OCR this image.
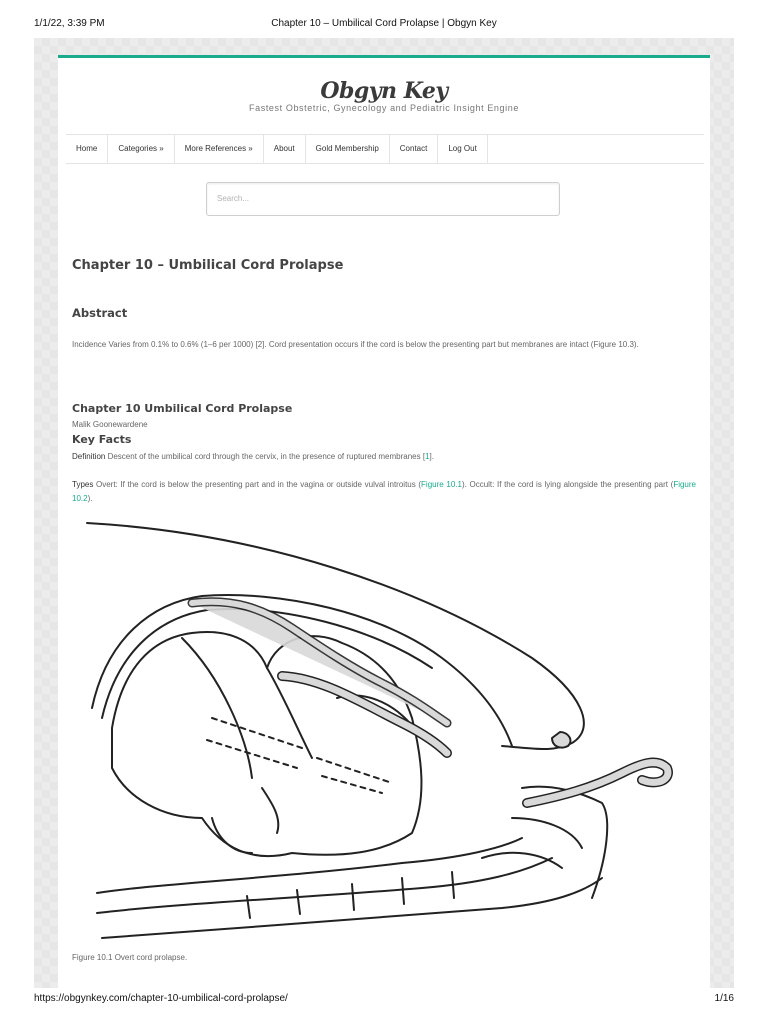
1/1/22, 3:39 PM	Chapter 10 – Umbilical Cord Prolapse | Obgyn Key
Obgyn Key
Fastest Obstetric, Gynecology and Pediatric Insight Engine
Home	Categories »	More References »	About	Gold Membership	Contact	Log Out
Search...
Chapter 10 – Umbilical Cord Prolapse
Abstract
Incidence Varies from 0.1% to 0.6% (1–6 per 1000) [2]. Cord presentation occurs if the cord is below the presenting part but membranes are intact (Figure 10.3).
Chapter 10 Umbilical Cord Prolapse
Malik Goonewardene
Key Facts
Definition Descent of the umbilical cord through the cervix, in the presence of ruptured membranes [1].
Types Overt: If the cord is below the presenting part and in the vagina or outside vulval introitus (Figure 10.1). Occult: If the cord is lying alongside the presenting part (Figure 10.2).
Figure 10.1 Overt cord prolapse.
https://obgynkey.com/chapter-10-umbilical-cord-prolapse/	1/16
